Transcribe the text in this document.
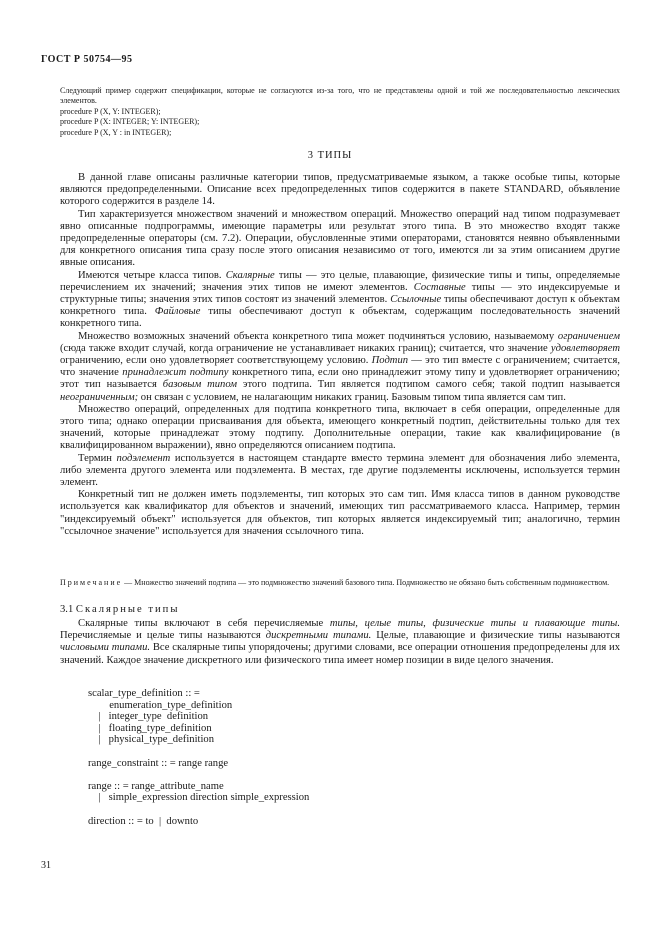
ГОСТ Р 50754—95

Следующий пример содержит спецификации, которые не согласуются из-за того, что не представлены одной и той же последовательностью лексических элементов.

procedure P (X, Y: INTEGER);
procedure P (X: INTEGER; Y: INTEGER);
procedure P (X, Y : in INTEGER);
3 ТИПЫ

В данной главе описаны различные категории типов, предусматриваемые языком, а также особые типы, которые являются предопределенными. Описание всех предопределенных типов содержится в пакете STANDARD, объявление которого содержится в разделе 14.

Тип характеризуется множеством значений и множеством операций. Множество операций над типом подразумевает явно описанные подпрограммы, имеющие параметры или результат этого типа. В это множество входят также предопределенные операторы (см. 7.2). Операции, обусловленные этими операторами, становятся неявно объявленными для конкретного описания типа сразу после этого описания независимо от того, имеются ли за этим описанием другие явные описания.

Имеются четыре класса типов. Скалярные типы — это целые, плавающие, физические типы и типы, определяемые перечислением их значений; значения этих типов не имеют элементов. Составные типы — это индексируемые и структурные типы; значения этих типов состоят из значений элементов. Ссылочные типы обеспечивают доступ к объектам конкретного типа. Файловые типы обеспечивают доступ к объектам, содержащим последовательность значений конкретного типа.

Множество возможных значений объекта конкретного типа может подчиняться условию, называемому ограничением (сюда также входит случай, когда ограничение не устанавливает никаких границ); считается, что значение удовлетворяет ограничению, если оно удовлетворяет соответствующему условию. Подтип — это тип вместе с ограничением; считается, что значение принадлежит подтипу конкретного типа, если оно принадлежит этому типу и удовлетворяет ограничению; этот тип называется базовым типом этого подтипа. Тип является подтипом самого себя; такой подтип называется неограниченным; он связан с условием, не налагающим никаких границ. Базовым типом типа является сам тип.

Множество операций, определенных для подтипа конкретного типа, включает в себя операции, определенные для этого типа; однако операции присваивания для объекта, имеющего конкретный подтип, действительны только для тех значений, которые принадлежат этому подтипу. Дополнительные операции, такие как квалифицирование (в квалифицированном выражении), явно определяются описанием подтипа.

Термин подэлемент используется в настоящем стандарте вместо термина элемент для обозначения либо элемента, либо элемента другого элемента или подэлемента. В местах, где другие подэлементы исключены, используется термин элемент.

Конкретный тип не должен иметь подэлементы, тип которых это сам тип. Имя класса типов в данном руководстве используется как квалификатор для объектов и значений, имеющих тип рассматриваемого класса. Например, термин "индексируемый объект" используется для объектов, тип которых является индексируемый тип; аналогично, термин "ссылочное значение" используется для значения ссылочного типа.

Примечание — Множество значений подтипа — это подмножество значений базового типа. Подмножество не обязано быть собственным подмножеством.

3.1 Скалярные типы

Скалярные типы включают в себя перечисляемые типы, целые типы, физические типы и плавающие типы. Перечисляемые и целые типы называются дискретными типами. Целые, плавающие и физические типы называются числовыми типами. Все скалярные типы упорядочены; другими словами, все операции отношения предопределены для их значений. Каждое значение дискретного или физического типа имеет номер позиции в виде целого значения.

scalar_type_definition :: =
enumeration_type_definition
|   integer_type  definition
|   floating_type_definition
|   physical_type_definition

range_constraint :: = range range

range :: = range_attribute_name
|   simple_expression direction simple_expression

direction :: = to  |  downto
31
